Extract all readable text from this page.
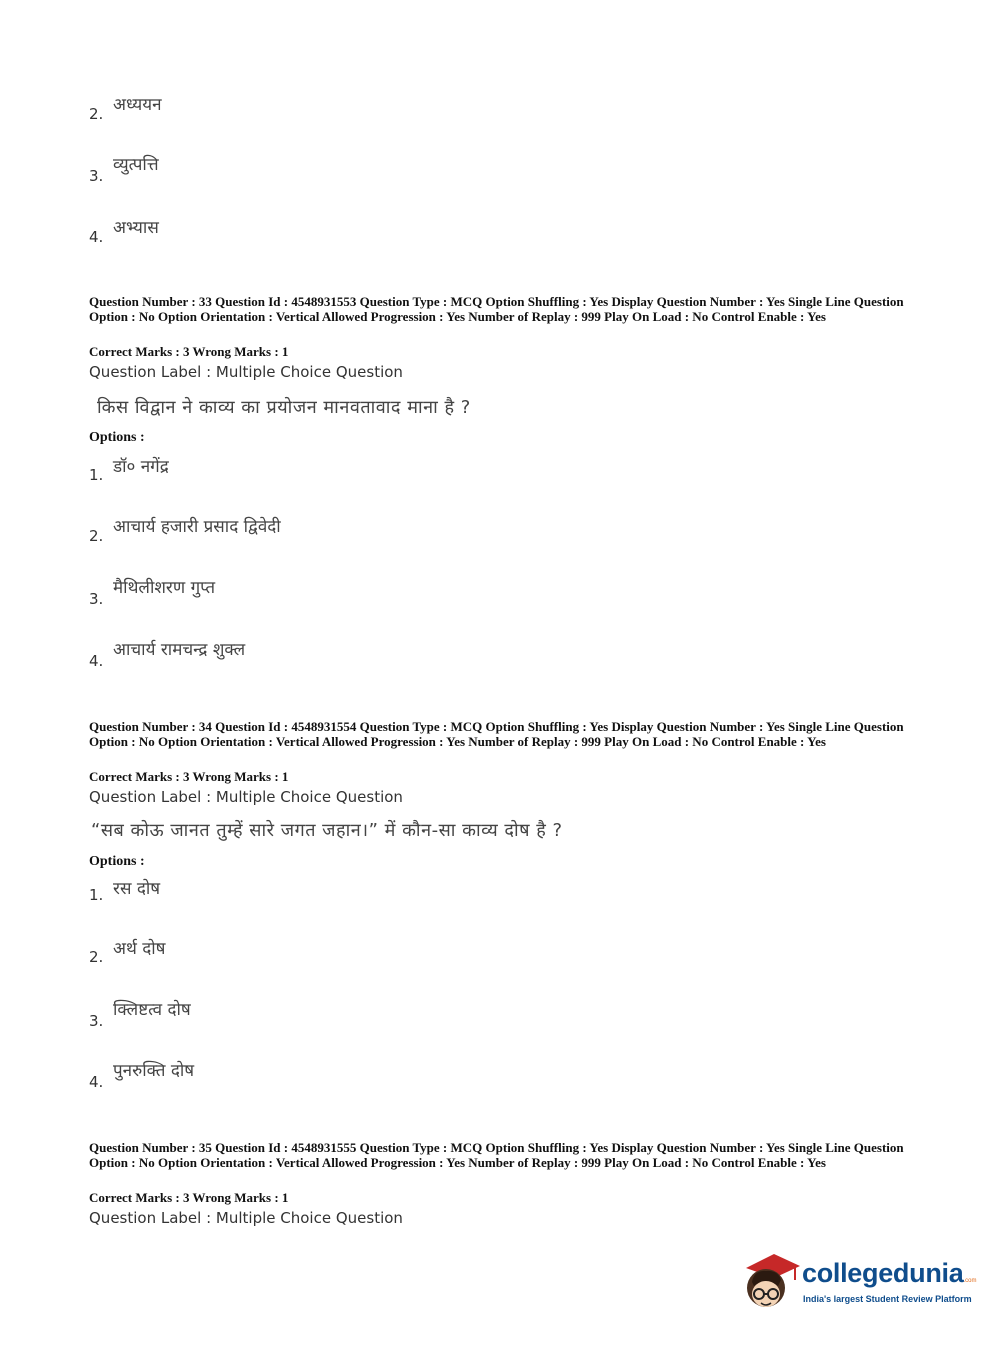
2. अध्ययन
3.
व्युत्पत्ति
4. अभ्यास
Question Number : 33 Question Id : 4548931553 Question Type : MCQ Option Shuffling : Yes Display Question Number : Yes Single Line Question Option : No Option Orientation : Vertical Allowed Progression : Yes Number of Replay : 999 Play On Load : No Control Enable : Yes
Correct Marks : 3 Wrong Marks : 1
Question Label : Multiple Choice Question
किस विद्वान ने काव्य का प्रयोजन मानवतावाद माना है ?
Options :
1. डॉ० नगेंद्र
2. आचार्य हजारी प्रसाद द्विवेदी
3.
मैथिलीशरण गुप्त
4.
आचार्य रामचन्द्र शुक्ल
Question Number : 34 Question Id : 4548931554 Question Type : MCQ Option Shuffling : Yes Display Question Number : Yes Single Line Question Option : No Option Orientation : Vertical Allowed Progression : Yes Number of Replay : 999 Play On Load : No Control Enable : Yes
Correct Marks : 3 Wrong Marks : 1
Question Label : Multiple Choice Question
“सब कोऊ जानत तुम्हें सारे जगत जहान।” में कौन-सा काव्य दोष है ?
Options :
1. रस दोष
2. अर्थ दोष
3.
क्लिष्टत्व दोष
4.
पुनरुक्ति दोष
Question Number : 35 Question Id : 4548931555 Question Type : MCQ Option Shuffling : Yes Display Question Number : Yes Single Line Question Option : No Option Orientation : Vertical Allowed Progression : Yes Number of Replay : 999 Play On Load : No Control Enable : Yes
Correct Marks : 3 Wrong Marks : 1
Question Label : Multiple Choice Question
collegedunia.com
India's largest Student Review Platform
